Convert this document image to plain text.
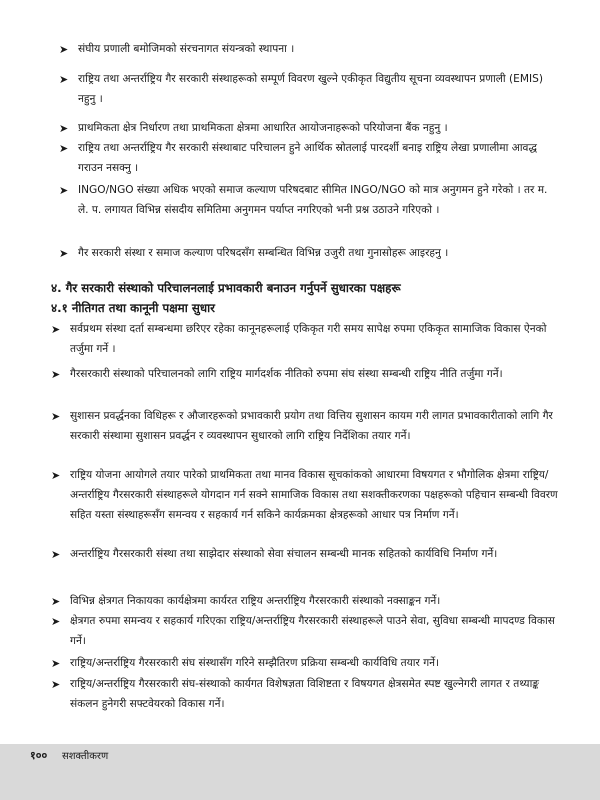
➤ संघीय प्रणाली बमोजिमको संरचनागत संयन्त्रको स्थापना ।
➤ राष्ट्रिय तथा अन्तर्राष्ट्रिय गैर सरकारी संस्थाहरूको सम्पूर्ण विवरण खुल्ने एकीकृत विद्युतीय सूचना व्यवस्थापन प्रणाली (EMIS) नहुनु ।
➤ प्राथमिकता क्षेत्र निर्धारण तथा प्राथमिकता क्षेत्रमा आधारित आयोजनाहरूको परियोजना बैंक नहुनु ।
➤ राष्ट्रिय तथा अन्तर्राष्ट्रिय गैर सरकारी संस्थाबाट परिचालन हुने आर्थिक स्रोतलाई पारदर्शी बनाइ राष्ट्रिय लेखा प्रणालीमा आवद्ध गराउन नसक्नु ।
➤ INGO/NGO संख्या अधिक भएको समाज कल्याण परिषदबाट सीमित INGO/NGO को मात्र अनुगमन हुने गरेको । तर म. ले. प. लगायत विभिन्न संसदीय समितिमा अनुगमन पर्याप्त नगरिएको भनी प्रश्न उठाउने गरिएको ।
➤ गैर सरकारी संस्था र समाज कल्याण परिषदसँग सम्बन्धित विभिन्न उजुरी तथा गुनासोहरू आइरहनु ।
४. गैर सरकारी संस्थाको परिचालनलाई प्रभावकारी बनाउन गर्नुपर्ने सुधारका पक्षहरू
४.१ नीतिगत तथा कानूनी पक्षमा सुधार
➤ सर्वप्रथम संस्था दर्ता सम्बन्धमा छरिएर रहेका कानूनहरूलाई एकिकृत गरी समय सापेक्ष रुपमा एकिकृत सामाजिक विकास ऐनको तर्जुमा गर्ने ।
➤ गैरसरकारी संस्थाको परिचालनको लागि राष्ट्रिय मार्गदर्शक नीतिको रुपमा संघ संस्था सम्बन्धी राष्ट्रिय नीति तर्जुमा गर्ने।
➤ सुशासन प्रवर्द्धनका विधिहरू र औजारहरूको प्रभावकारी प्रयोग तथा वित्तिय सुशासन कायम गरी लागत प्रभावकारीताको लागि गैर सरकारी संस्थामा सुशासन प्रवर्द्धन र व्यवस्थापन सुधारको लागि राष्ट्रिय निर्देशिका तयार गर्ने।
➤ राष्ट्रिय योजना आयोगले तयार पारेको प्राथमिकता तथा मानव विकास सूचकांकको आधारमा विषयगत र भौगोलिक क्षेत्रमा राष्ट्रिय/अन्तर्राष्ट्रिय गैरसरकारी संस्थाहरूले योगदान गर्न सक्ने सामाजिक विकास तथा सशक्तीकरणका पक्षहरूको पहिचान सम्बन्धी विवरण सहित यस्ता संस्थाहरूसँग समन्वय र सहकार्य गर्न सकिने कार्यक्रमका क्षेत्रहरूको आधार पत्र निर्माण गर्ने।
➤ अन्तर्राष्ट्रिय गैरसरकारी संस्था तथा साझेदार संस्थाको सेवा संचालन सम्बन्धी मानक सहितको कार्यविधि निर्माण गर्ने।
➤ विभिन्न क्षेत्रगत निकायका कार्यक्षेत्रमा कार्यरत राष्ट्रिय अन्तर्राष्ट्रिय गैरसरकारी संस्थाको नक्साङ्कन गर्ने।
➤ क्षेत्रगत रुपमा समन्वय र सहकार्य गरिएका राष्ट्रिय/अन्तर्राष्ट्रिय गैरसरकारी संस्थाहरूले पाउने सेवा, सुविधा सम्बन्धी मापदण्ड विकास गर्ने।
➤ राष्ट्रिय/अन्तर्राष्ट्रिय गैरसरकारी संघ संस्थासँग गरिने सम्झैतिरण प्रक्रिया सम्बन्धी कार्यविधि तयार गर्ने।
➤ राष्ट्रिय/अन्तर्राष्ट्रिय गैरसरकारी संघ-संस्थाको कार्यगत विशेषज्ञता विशिष्टता र विषयगत क्षेत्रसमेत स्पष्ट खुल्नेगरी लागत र तथ्याङ्क संकलन हुनेगरी सफ्टवेयरको विकास गर्ने।
१०० सशक्तीकरण
